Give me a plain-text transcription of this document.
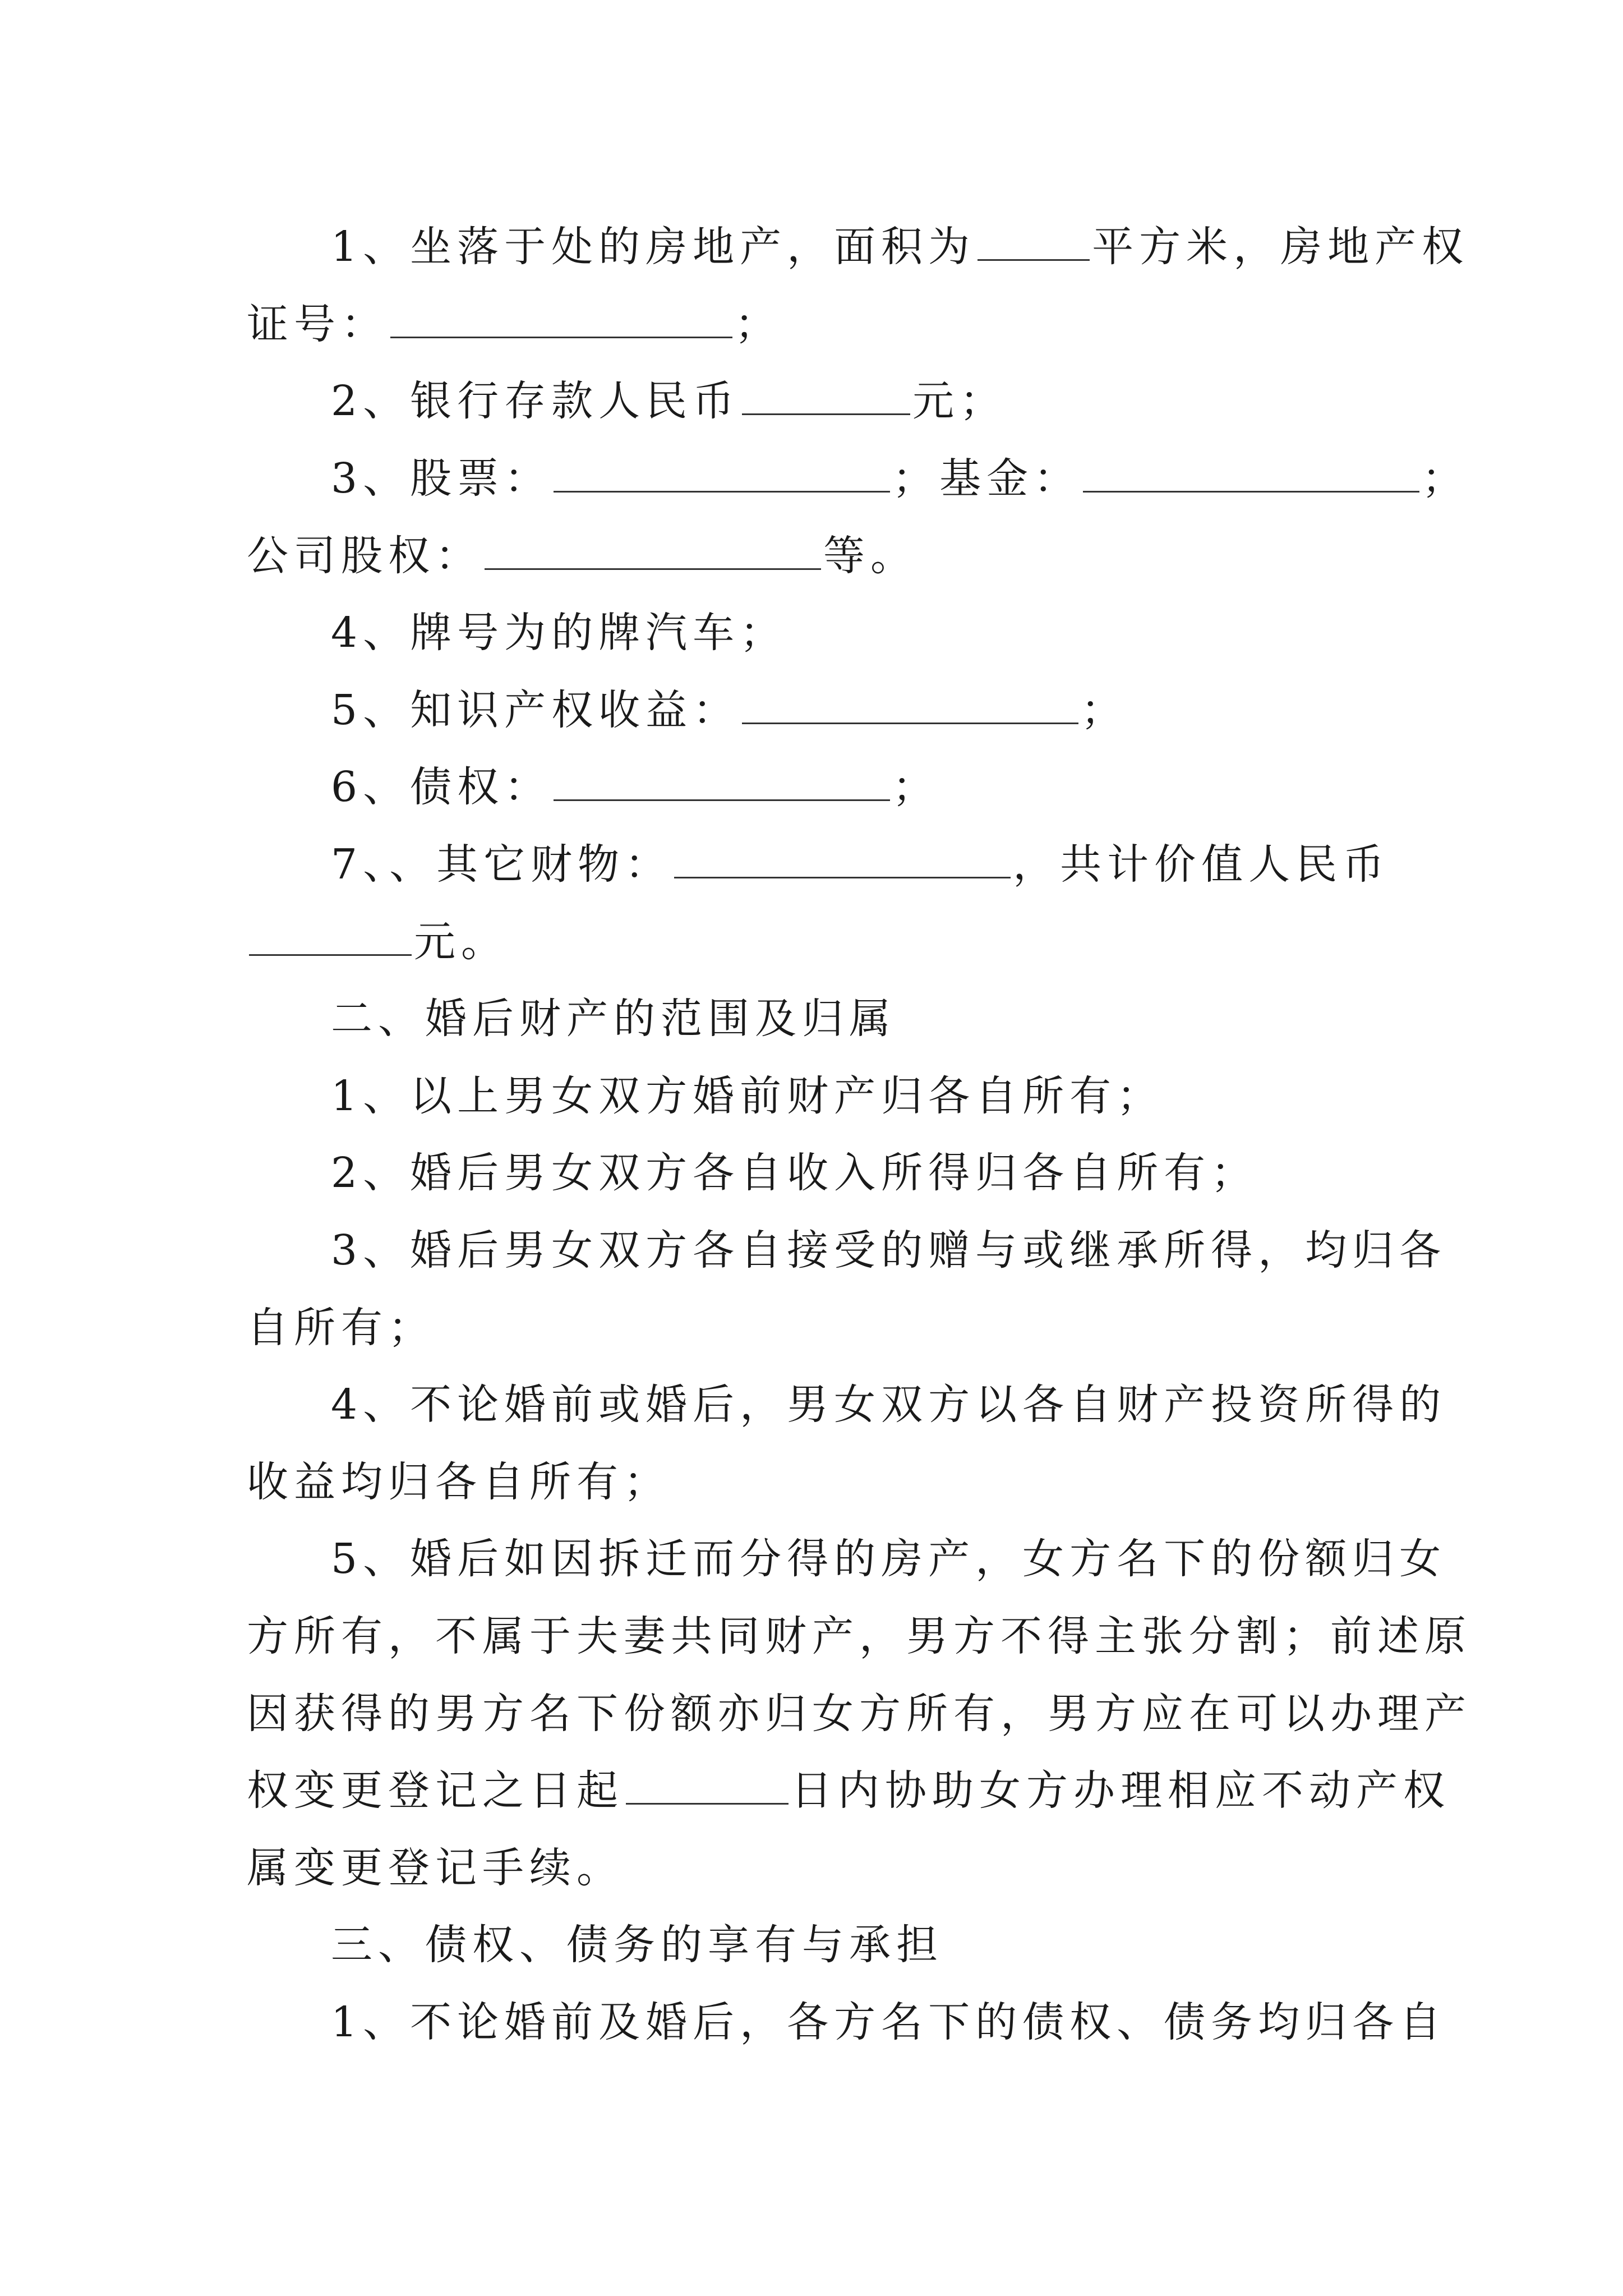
1、坐落于处的房地产，面积为	平方米，房地产权
证号：	；
2、银行存款人民币	元；
3、股票：	；基金：	；
公司股权：	等。
4、牌号为的牌汽车；
5、知识产权收益：	；
6、债权：	；
7、、其它财物：	，共计价值人民币
元。
二、婚后财产的范围及归属
1、以上男女双方婚前财产归各自所有；
2、婚后男女双方各自收入所得归各自所有；
3、婚后男女双方各自接受的赠与或继承所得，均归各
自所有；
4、不论婚前或婚后，男女双方以各自财产投资所得的
收益均归各自所有；
5、婚后如因拆迁而分得的房产，女方名下的份额归女
方所有，不属于夫妻共同财产，男方不得主张分割；前述原
因获得的男方名下份额亦归女方所有，男方应在可以办理产
权变更登记之日起	日内协助女方办理相应不动产权
属变更登记手续。
三、债权、债务的享有与承担
1、不论婚前及婚后，各方名下的债权、债务均归各自
